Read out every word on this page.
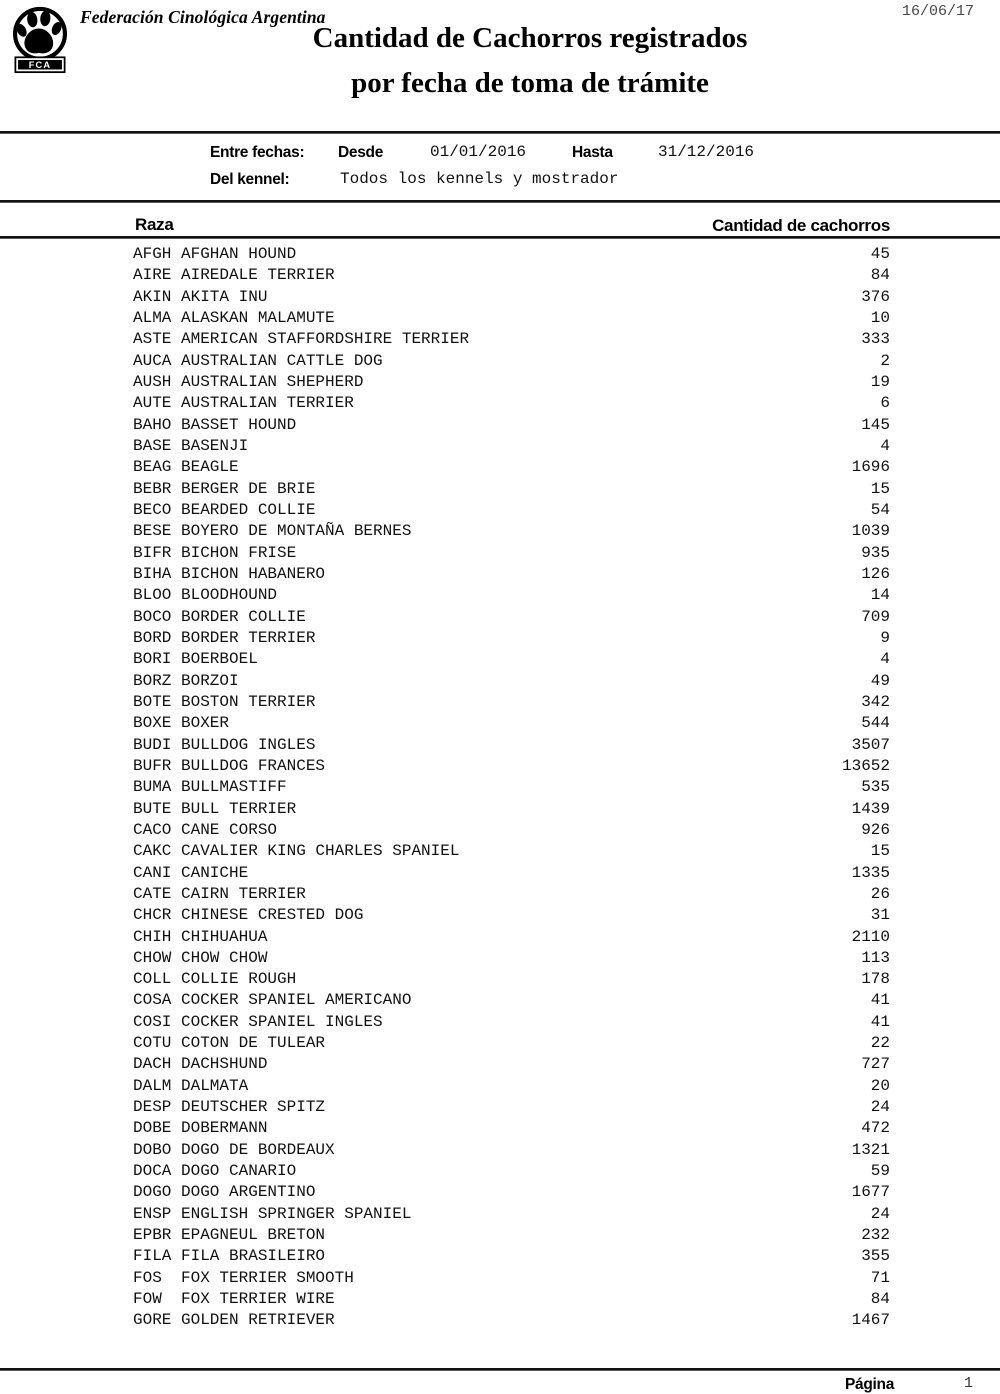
FCA
Federación Cinológica Argentina	16/06/17
Cantidad de Cachorros registrados
por fecha de toma de trámite
Entre fechas: Desde	01/01/2016	Hasta	31/12/2016
Del kennel:	Todos los kennels y mostrador
Raza	Cantidad de cachorros
AFGH AFGHAN HOUND	45
AIRE AIREDALE TERRIER	84
AKIN AKITA INU	376
ALMA ALASKAN MALAMUTE	10
ASTE AMERICAN STAFFORDSHIRE TERRIER	333
AUCA AUSTRALIAN CATTLE DOG	2
AUSH AUSTRALIAN SHEPHERD	19
AUTE AUSTRALIAN TERRIER	6
BAHO BASSET HOUND	145
BASE BASENJI	4
BEAG BEAGLE	1696
BEBR BERGER DE BRIE	15
BECO BEARDED COLLIE	54
BESE BOYERO DE MONTAÑA BERNES	1039
BIFR BICHON FRISE	935
BIHA BICHON HABANERO	126
BLOO BLOODHOUND	14
BOCO BORDER COLLIE	709
BORD BORDER TERRIER	9
BORI BOERBOEL	4
BORZ BORZOI	49
BOTE BOSTON TERRIER	342
BOXE BOXER	544
BUDI BULLDOG INGLES	3507
BUFR BULLDOG FRANCES	13652
BUMA BULLMASTIFF	535
BUTE BULL TERRIER	1439
CACO CANE CORSO	926
CAKC CAVALIER KING CHARLES SPANIEL	15
CANI CANICHE	1335
CATE CAIRN TERRIER	26
CHCR CHINESE CRESTED DOG	31
CHIH CHIHUAHUA	2110
CHOW CHOW CHOW	113
COLL COLLIE ROUGH	178
COSA COCKER SPANIEL AMERICANO	41
COSI COCKER SPANIEL INGLES	41
COTU COTON DE TULEAR	22
DACH DACHSHUND	727
DALM DALMATA	20
DESP DEUTSCHER SPITZ	24
DOBE DOBERMANN	472
DOBO DOGO DE BORDEAUX	1321
DOCA DOGO CANARIO	59
DOGO DOGO ARGENTINO	1677
ENSP ENGLISH SPRINGER SPANIEL	24
EPBR EPAGNEUL BRETON	232
FILA FILA BRASILEIRO	355
FOS	FOX TERRIER SMOOTH	71
FOW	FOX TERRIER WIRE	84
GORE GOLDEN RETRIEVER	1467
Página	1
